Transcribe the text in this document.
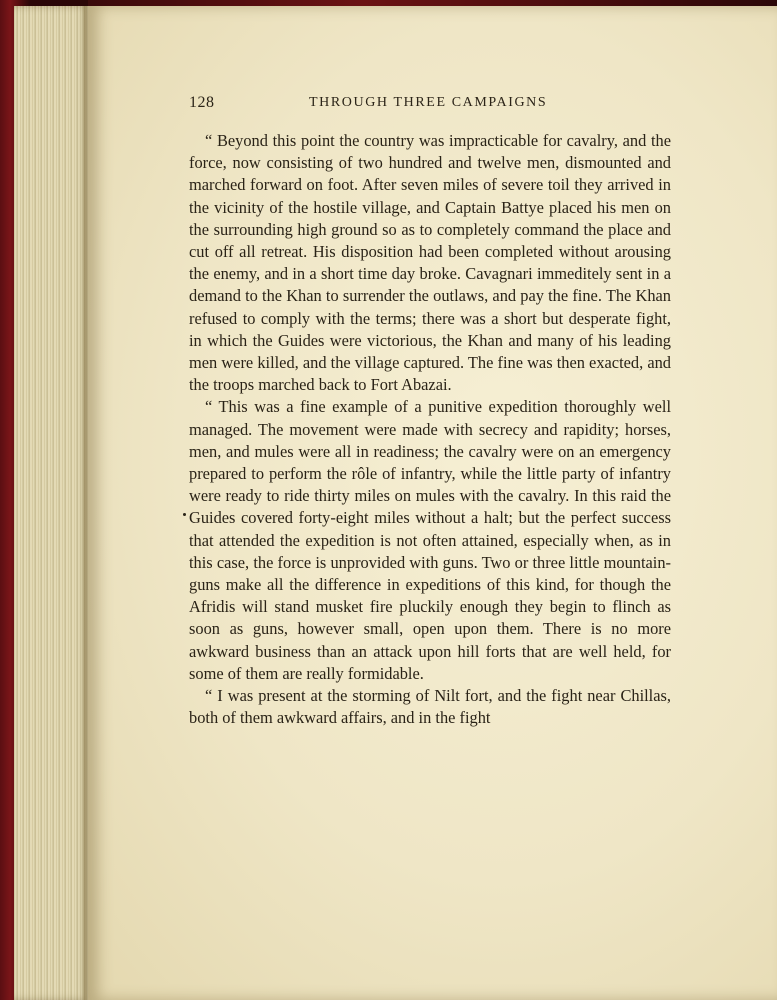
128	THROUGH THREE CAMPAIGNS

“ Beyond this point the country was impracticable for cavalry, and the force, now consisting of two hundred and twelve men, dismounted and marched forward on foot. After seven miles of severe toil they arrived in the vicinity of the hostile village, and Captain Battye placed his men on the surrounding high ground so as to completely command the place and cut off all retreat. His disposition had been completed without arousing the enemy, and in a short time day broke. Cavagnari immeditely sent in a demand to the Khan to surrender the outlaws, and pay the fine. The Khan refused to comply with the terms; there was a short but desperate fight, in which the Guides were victorious, the Khan and many of his leading men were killed, and the village captured. The fine was then exacted, and the troops marched back to Fort Abazai.

“ This was a fine example of a punitive expedition thoroughly well managed. The movement were made with secrecy and rapidity; horses, men, and mules were all in readiness; the cavalry were on an emergency prepared to perform the rôle of infantry, while the little party of infantry were ready to ride thirty miles on mules with the cavalry. In this raid the Guides covered forty-eight miles without a halt; but the perfect success that attended the expedition is not often attained, especially when, as in this case, the force is unprovided with guns. Two or three little mountain-guns make all the difference in expeditions of this kind, for though the Afridis will stand musket fire pluckily enough they begin to flinch as soon as guns, however small, open upon them. There is no more awkward business than an attack upon hill forts that are well held, for some of them are really formidable.

“ I was present at the storming of Nilt fort, and the fight near Chillas, both of them awkward affairs, and in the fight
